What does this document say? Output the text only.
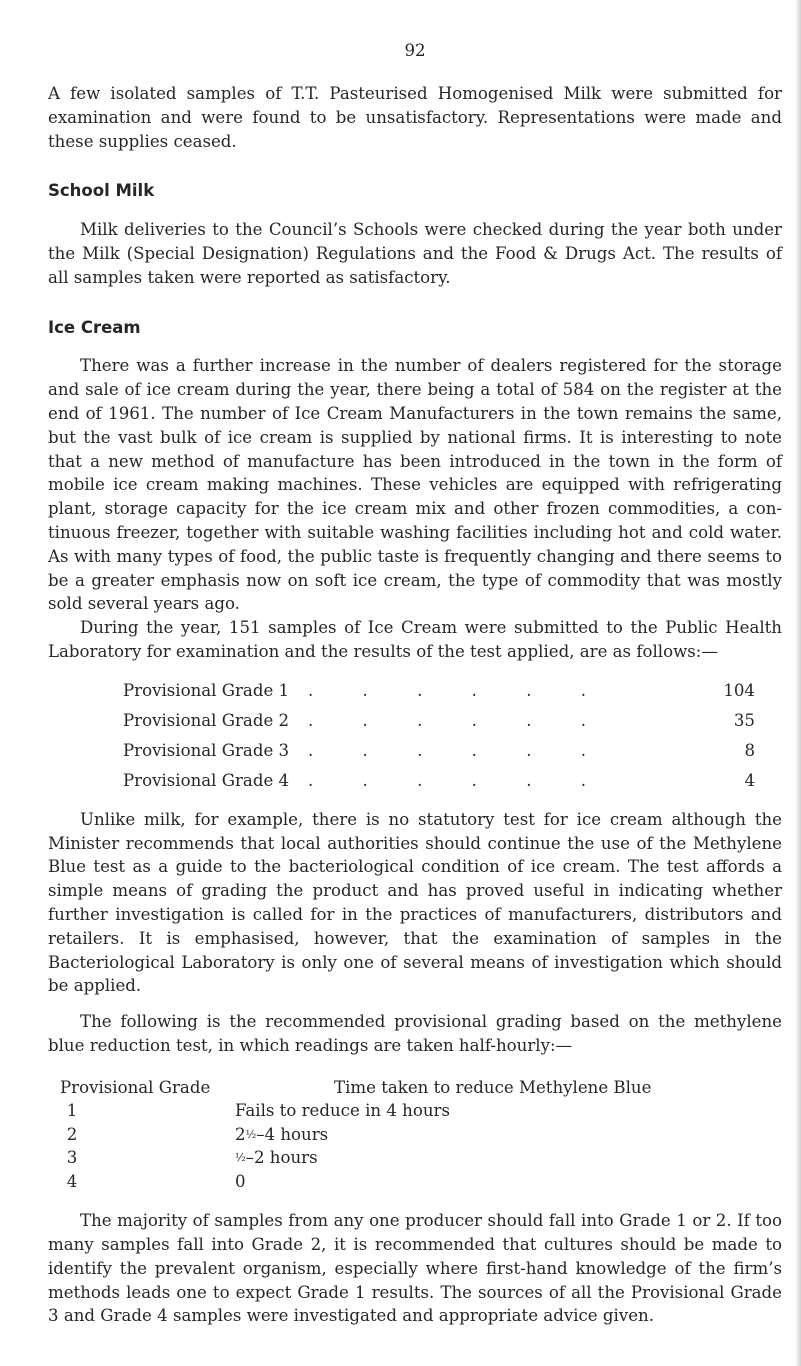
92

A few isolated samples of T.T. Pasteurised Homogenised Milk were submitted for examination and were found to be unsatisfactory. Representations were made and these supplies ceased.

School Milk

Milk deliveries to the Council’s Schools were checked during the year both under the Milk (Special Designation) Regulations and the Food & Drugs Act. The results of all samples taken were reported as satisfactory.

Ice Cream

There was a further increase in the number of dealers registered for the storage and sale of ice cream during the year, there being a total of 584 on the register at the end of 1961. The number of Ice Cream Manufacturers in the town remains the same, but the vast bulk of ice cream is supplied by national firms. It is interesting to note that a new method of manufacture has been introduced in the town in the form of mobile ice cream making machines. These vehicles are equipped with refrigerating plant, storage capacity for the ice cream mix and other frozen commodities, a continuous freezer, together with suitable washing facilities including hot and cold water. As with many types of food, the public taste is frequently changing and there seems to be a greater emphasis now on soft ice cream, the type of commodity that was mostly sold several years ago.

During the year, 151 samples of Ice Cream were submitted to the Public Health Laboratory for examination and the results of the test applied, are as follows:—

Provisional Grade 1	. . . . . .	104
Provisional Grade 2	. . . . . .	35
Provisional Grade 3	. . . . . .	8
Provisional Grade 4	. . . . . .	4

Unlike milk, for example, there is no statutory test for ice cream although the Minister recommends that local authorities should continue the use of the Methylene Blue test as a guide to the bacteriological condition of ice cream. The test affords a simple means of grading the product and has proved useful in indicating whether further investigation is called for in the practices of manufacturers, distributors and retailers. It is emphasised, however, that the examination of samples in the Bacteriological Laboratory is only one of several means of investigation which should be applied.

The following is the recommended provisional grading based on the methylene blue reduction test, in which readings are taken half-hourly:—

Provisional Grade	Time taken to reduce Methylene Blue
1	Fails to reduce in 4 hours
2	2½–4 hours
3	½–2 hours
4	0

The majority of samples from any one producer should fall into Grade 1 or 2. If too many samples fall into Grade 2, it is recommended that cultures should be made to identify the prevalent organism, especially where first-hand knowledge of the firm’s methods leads one to expect Grade 1 results. The sources of all the Provisional Grade 3 and Grade 4 samples were investigated and appropriate advice given.
